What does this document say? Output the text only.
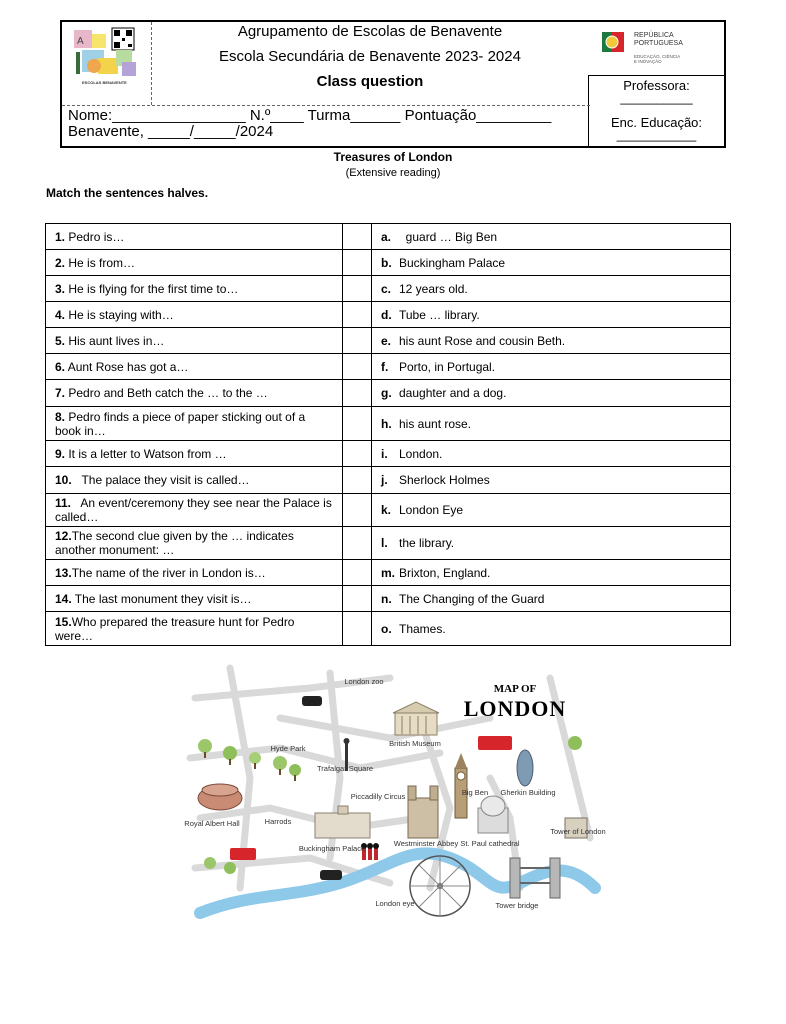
A
ESCOLAS BENAVENTE
Agrupamento de Escolas de Benavente
Escola Secundária de Benavente 2023- 2024
Class question
REPÚBLICA
PORTUGUESA
EDUCAÇÃO, CIÊNCIA E INOVAÇÃO
Professora:
__________
Enc. Educação:
___________
Nome:________________ N.º____ Turma______ Pontuação_________
Benavente, _____/_____/2024
Treasures of London
(Extensive reading)
Match the sentences halves.
1. Pedro is…		a.  guard … Big Ben
2. He is from…		b. Buckingham Palace
3. He is flying for the first time to…		c. 12 years old.
4. He is staying with…		d. Tube … library.
5. His aunt lives in…		e. his aunt Rose and cousin Beth.
6. Aunt Rose has got a…		f. Porto, in Portugal.
7. Pedro and Beth catch the … to the …		g. daughter and a dog.
8. Pedro finds a piece of paper sticking out of a book in…		h. his aunt rose.
9. It is a letter to Watson from …		i. London.
10.   The palace they visit is called…		j. Sherlock Holmes
11.   An event/ceremony they see near the Palace is called…		k. London Eye
12.The second clue given by the … indicates another monument: …		l. the library.
13.The name of the river in London is…		m. Brixton, England.
14. The last monument they visit is…		n. The Changing of the Guard
15.Who prepared the treasure hunt for Pedro were…		o. Thames.
MAP OF
LONDON
London zoo
British Museum
Hyde Park
Trafalgar Square
Piccadilly Circus	Big Ben Gherkin Building
Royal Albert Hall	Harrods
Westminster Abbey St. Paul cathedral
Tower of London
Buckingham Palace
London eye	Tower bridge
